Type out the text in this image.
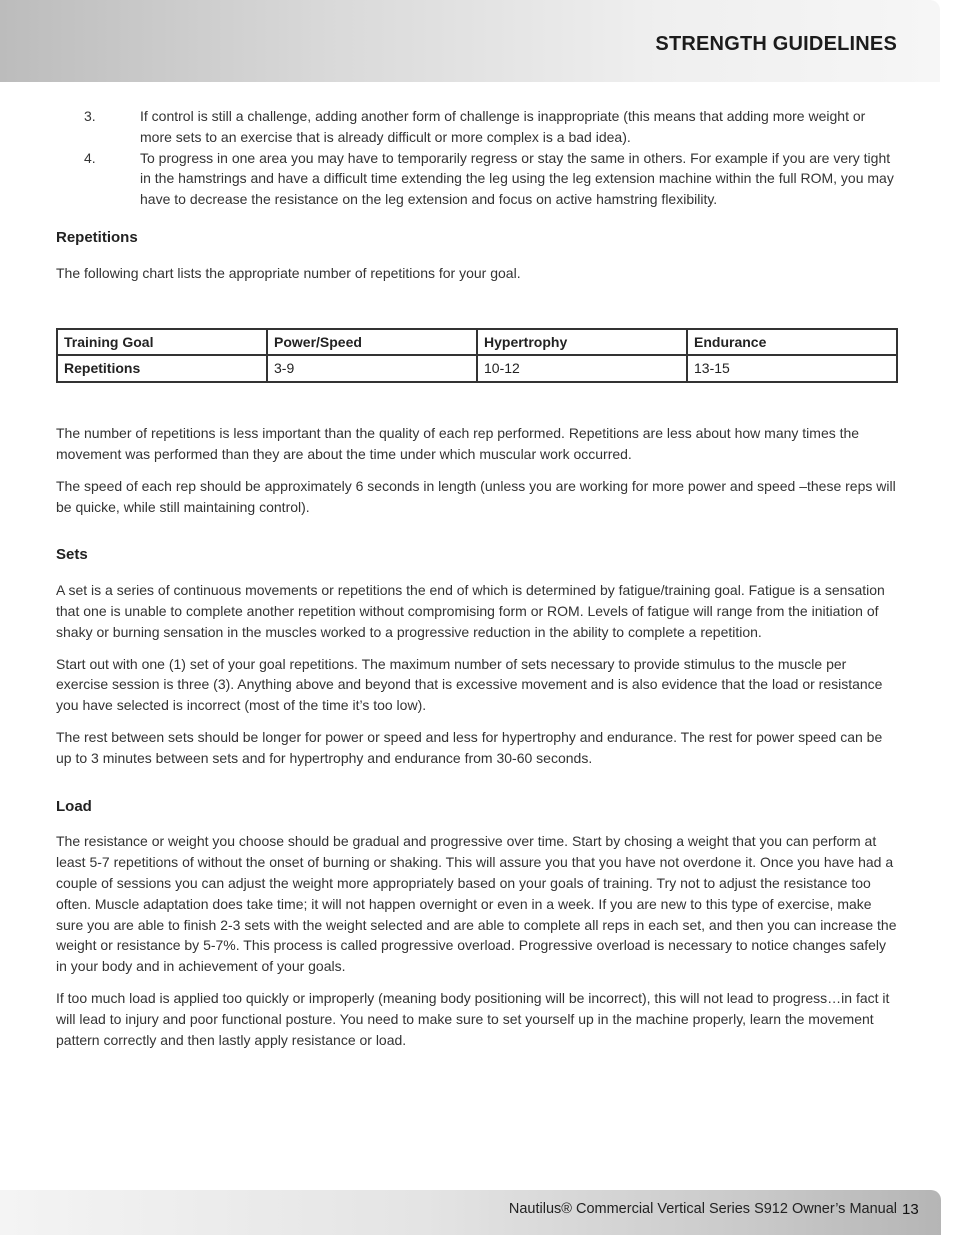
STRENGTH GUIDELINES
3.	If control is still a challenge, adding another form of challenge is inappropriate (this means that adding more weight or more sets to an exercise that is already difficult or more complex is a bad idea).
4.	To progress in one area you may have to temporarily regress or stay the same in others. For example if you are very tight in the hamstrings and have a difficult time extending the leg using the leg extension machine within the full ROM, you may have to decrease the resistance on the leg extension and focus on active hamstring flexibility.
Repetitions

The following chart lists the appropriate number of repetitions for your goal.

Training Goal	Power/Speed	Hypertrophy	Endurance
Repetitions	3-9	10-12	13-15

The number of repetitions is less important than the quality of each rep performed. Repetitions are less about how many times the movement was performed than they are about the time under which muscular work occurred.

The speed of each rep should be approximately 6 seconds in length (unless you are working for more power and speed –these reps will be quicke, while still maintaining control).

Sets

A set is a series of continuous movements or repetitions the end of which is determined by fatigue/training goal. Fatigue is a sensation that one is unable to complete another repetition without compromising form or ROM. Levels of fatigue will range from the initiation of shaky or burning sensation in the muscles worked to a progressive reduction in the ability to complete a repetition.

Start out with one (1) set of your goal repetitions. The maximum number of sets necessary to provide stimulus to the muscle per exercise session is three (3). Anything above and beyond that is excessive movement and is also evidence that the load or resistance you have selected is incorrect (most of the time it’s too low).

The rest between sets should be longer for power or speed and less for hypertrophy and endurance. The rest for power speed can be up to 3 minutes between sets and for hypertrophy and endurance from 30-60 seconds.

Load

The resistance or weight you choose should be gradual and progressive over time. Start by chosing a weight that you can perform at least 5-7 repetitions of without the onset of burning or shaking. This will assure you that you have not overdone it. Once you have had a couple of sessions you can adjust the weight more appropriately based on your goals of training. Try not to adjust the resistance too often. Muscle adaptation does take time; it will not happen overnight or even in a week. If you are new to this type of exercise, make sure you are able to finish 2-3 sets with the weight selected and are able to complete all reps in each set, and then you can increase the weight or resistance by 5-7%. This process is called progressive overload. Progressive overload is necessary to notice changes safely in your body and in achievement of your goals.

If too much load is applied too quickly or improperly (meaning body positioning will be incorrect), this will not lead to progress…in fact it will lead to injury and poor functional posture. You need to make sure to set yourself up in the machine properly, learn the movement pattern correctly and then lastly apply resistance or load.

Nautilus® Commercial Vertical Series S912 Owner’s Manual 13
